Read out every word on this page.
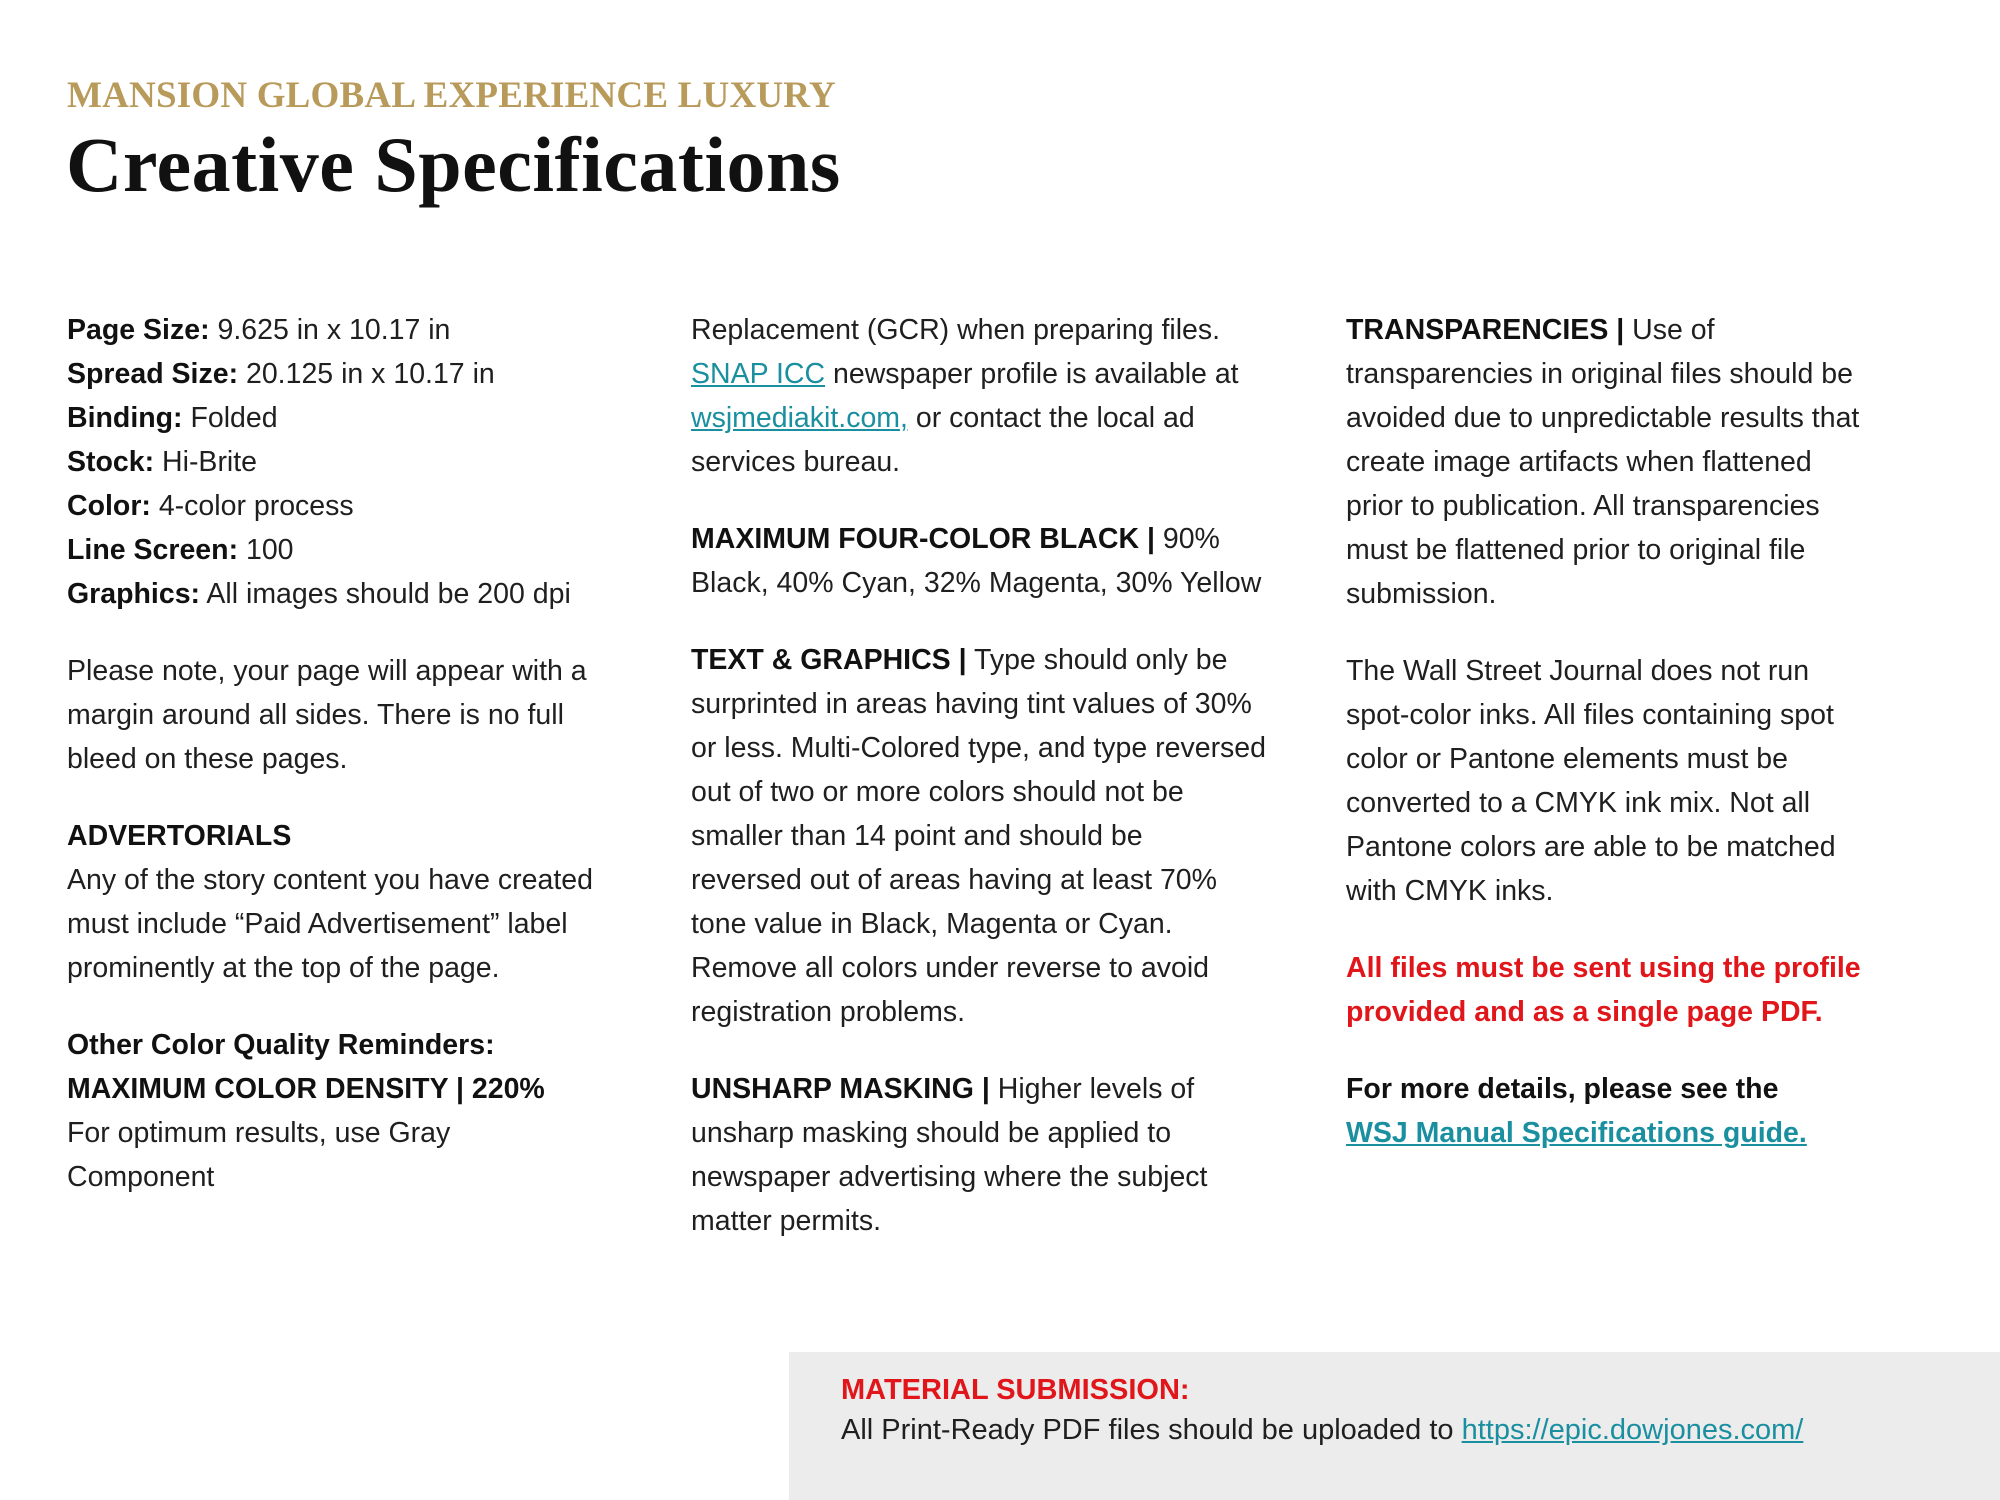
MANSION GLOBAL EXPERIENCE LUXURY
Creative Specifications

Page Size: 9.625 in x 10.17 in
Spread Size: 20.125 in x 10.17 in
Binding: Folded
Stock: Hi-Brite
Color: 4-color process
Line Screen: 100
Graphics: All images should be 200 dpi

Please note, your page will appear with a
margin around all sides. There is no full
bleed on these pages.

ADVERTORIALS
Any of the story content you have created
must include “Paid Advertisement” label
prominently at the top of the page.

Other Color Quality Reminders:
MAXIMUM COLOR DENSITY | 220%
For optimum results, use Gray
Component

Replacement (GCR) when preparing files.
SNAP ICC newspaper profile is available at
wsjmediakit.com, or contact the local ad
services bureau.

MAXIMUM FOUR-COLOR BLACK | 90%
Black, 40% Cyan, 32% Magenta, 30% Yellow

TEXT & GRAPHICS | Type should only be
surprinted in areas having tint values of 30%
or less. Multi-Colored type, and type reversed
out of two or more colors should not be
smaller than 14 point and should be
reversed out of areas having at least 70%
tone value in Black, Magenta or Cyan.
Remove all colors under reverse to avoid
registration problems.

UNSHARP MASKING | Higher levels of
unsharp masking should be applied to
newspaper advertising where the subject
matter permits.

TRANSPARENCIES | Use of
transparencies in original files should be
avoided due to unpredictable results that
create image artifacts when flattened
prior to publication. All transparencies
must be flattened prior to original file
submission.

The Wall Street Journal does not run
spot-color inks. All files containing spot
color or Pantone elements must be
converted to a CMYK ink mix. Not all
Pantone colors are able to be matched
with CMYK inks.

All files must be sent using the profile
provided and as a single page PDF.

For more details, please see the
WSJ Manual Specifications guide.

MATERIAL SUBMISSION:
All Print-Ready PDF files should be uploaded to https://epic.dowjones.com/
